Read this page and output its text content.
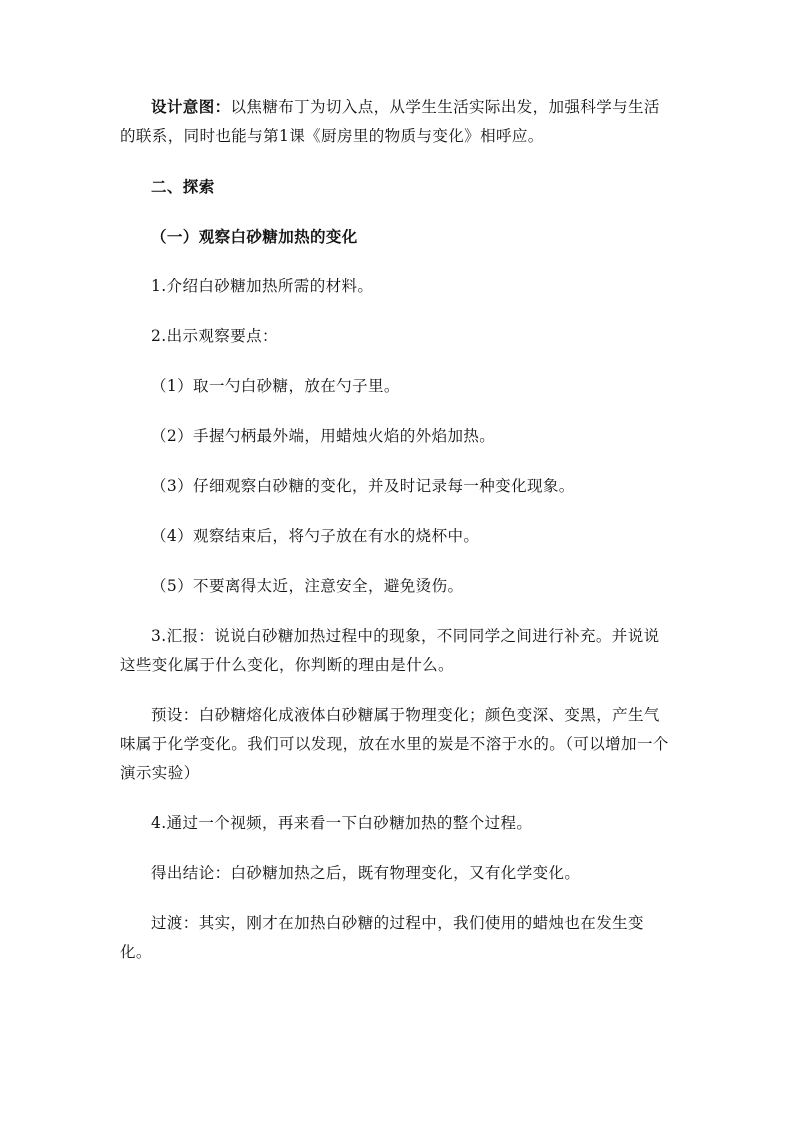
设计意图：以焦糖布丁为切入点，从学生生活实际出发，加强科学与生活的联系，同时也能与第1课《厨房里的物质与变化》相呼应。

二、探索

（一）观察白砂糖加热的变化

1.介绍白砂糖加热所需的材料。

2.出示观察要点：

（1）取一勺白砂糖，放在勺子里。

（2）手握勺柄最外端，用蜡烛火焰的外焰加热。

（3）仔细观察白砂糖的变化，并及时记录每一种变化现象。

（4）观察结束后，将勺子放在有水的烧杯中。

（5）不要离得太近，注意安全，避免烫伤。

3.汇报：说说白砂糖加热过程中的现象，不同同学之间进行补充。并说说这些变化属于什么变化，你判断的理由是什么。

预设：白砂糖熔化成液体白砂糖属于物理变化；颜色变深、变黑，产生气味属于化学变化。我们可以发现，放在水里的炭是不溶于水的。（可以增加一个演示实验）

4.通过一个视频，再来看一下白砂糖加热的整个过程。

得出结论：白砂糖加热之后，既有物理变化，又有化学变化。

过渡：其实，刚才在加热白砂糖的过程中，我们使用的蜡烛也在发生变化。
